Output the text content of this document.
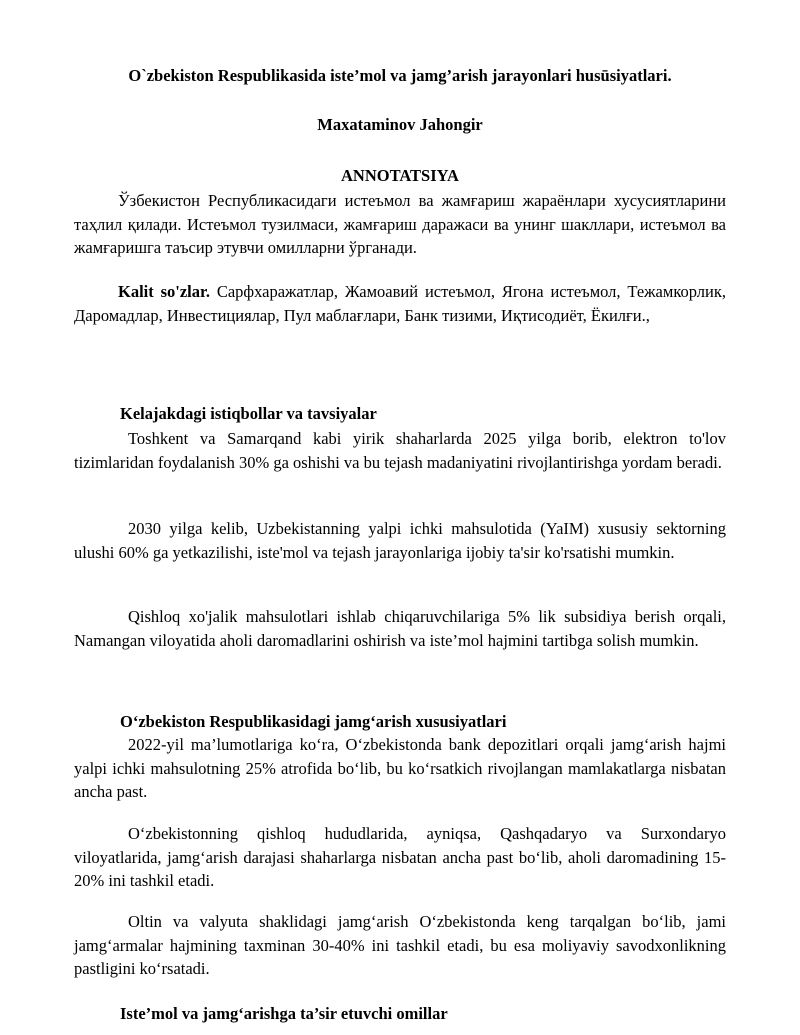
O`zbekiston Respublikasida iste’mol va jamg’arish jarayonlari husūsiyatlari.

Maxataminov Jahongir

ANNOTATSIYA

Ўзбекистон Республикасидаги истеъмол ва жамғариш жараёнлари хусусиятларини таҳлил қилади. Истеъмол тузилмаси, жамғариш даражаси ва унинг шакллари, истеъмол ва жамғаришга таъсир этувчи омилларни ўрганади.

Kalit so'zlar. Сарфхаражатлар, Жамоавий истеъмол, Ягона истеъмол, Тежамкорлик, Даромадлар, Инвестициялар, Пул маблағлари, Банк тизими, Иқтисодиёт, Ёкилғи.,

Kelajakdagi istiqbollar va tavsiyalar

Toshkent va Samarqand kabi yirik shaharlarda 2025 yilga borib, elektron to'lov tizimlaridan foydalanish 30% ga oshishi va bu tejash madaniyatini rivojlantirishga yordam beradi.

2030 yilga kelib, Uzbekistanning yalpi ichki mahsulotida (YaIM) xususiy sektorning ulushi 60% ga yetkazilishi, iste'mol va tejash jarayonlariga ijobiy ta'sir ko'rsatishi mumkin.

Qishloq xo'jalik mahsulotlari ishlab chiqaruvchilariga 5% lik subsidiya berish orqali, Namangan viloyatida aholi daromadlarini oshirish va iste’mol hajmini tartibga solish mumkin.

O‘zbekiston Respublikasidagi jamg‘arish xususiyatlari

2022-yil ma’lumotlariga ko‘ra, O‘zbekistonda bank depozitlari orqali jamg‘arish hajmi yalpi ichki mahsulotning 25% atrofida bo‘lib, bu ko‘rsatkich rivojlangan mamlakatlarga nisbatan ancha past.

O‘zbekistonning qishloq hududlarida, ayniqsa, Qashqadaryo va Surxondaryo viloyatlarida, jamg‘arish darajasi shaharlarga nisbatan ancha past bo‘lib, aholi daromadining 15-20% ini tashkil etadi.

Oltin va valyuta shaklidagi jamg‘arish O‘zbekistonda keng tarqalgan bo‘lib, jami jamg‘armalar hajmining taxminan 30-40% ini tashkil etadi, bu esa moliyaviy savodxonlikning pastligini ko‘rsatadi.

Iste’mol va jamg‘arishga ta’sir etuvchi omillar
